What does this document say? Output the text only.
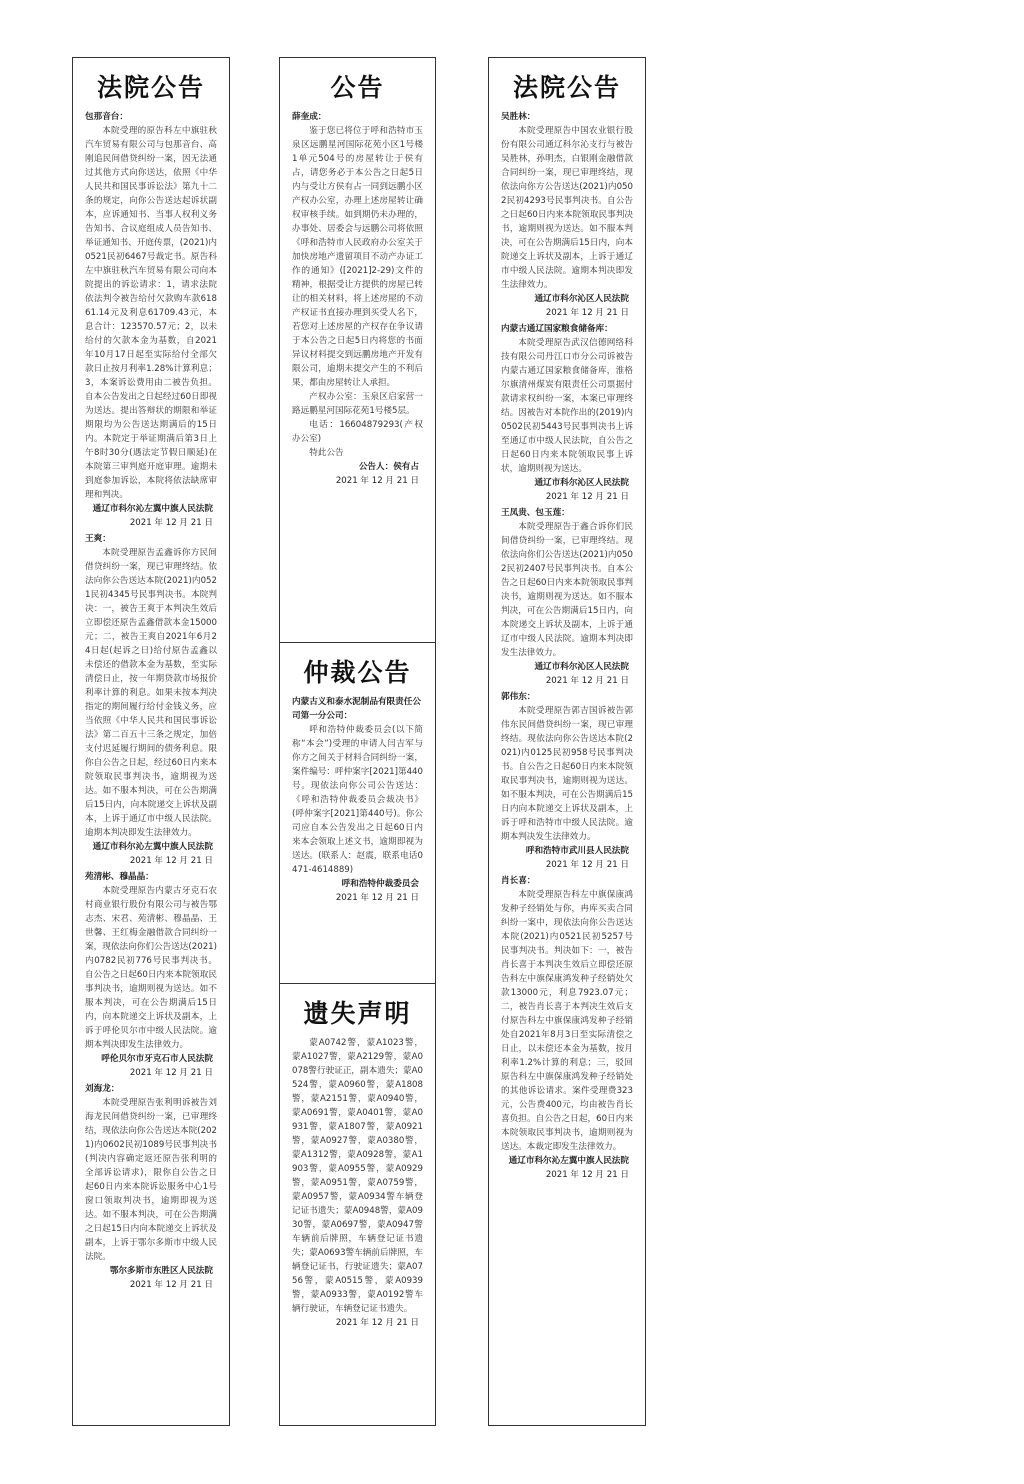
法院公告
包那音台：
本院受理的原告科左中旗驻秋汽车贸易有限公司与包那音台、高刚追民间借贷纠纷一案，因无法通过其他方式向你送达，依照《中华人民共和国民事诉讼法》第九十二条的规定，向你公告送达起诉状副本，应诉通知书、当事人权利义务告知书、合议庭组成人员告知书、举证通知书、开庭传票，(2021)内0521民初6467号裁定书。原告科左中旗驻秋汽车贸易有限公司向本院提出的诉讼请求：1，请求法院依法判令被告给付欠款购车款61861.14元及利息61709.43元，本息合计：123570.57元；2，以未给付的欠款本金为基数，自2021年10月17日起至实际给付全部欠款日止按月利率1.28%计算利息；3，本案诉讼费用由二被告负担。自本公告发出之日起经过60日即视为送达。提出答辩状的期限和举证期限均为公告送达期满后的15日内。本院定于举证期满后第3日上午8时30分(遇法定节假日顺延)在本院第三审判庭开庭审理。逾期未到庭参加诉讼，本院将依法缺席审理和判决。
通辽市科尔沁左翼中旗人民法院
2021 年 12 月 21 日
王爽：
本院受理原告孟鑫诉你方民间借贷纠纷一案，现已审理终结。依法向你公告送达本院(2021)内0521民初4345号民事判决书。本院判决：一，被告王爽于本判决生效后立即偿还原告孟鑫借款本金15000元；二，被告王爽自2021年6月24日起(起诉之日)给付原告孟鑫以未偿还的借款本金为基数，至实际清偿日止，按一年期贷款市场报价利率计算的利息。如果未按本判决指定的期间履行给付金钱义务，应当依照《中华人民共和国民事诉讼法》第二百五十三条之规定，加倍支付迟延履行期间的债务利息。限你自公告之日起，经过60日内来本院领取民事判决书，逾期视为送达。如不服本判决，可在公告期满后15日内，向本院递交上诉状及副本，上诉于通辽市中级人民法院。逾期本判决即发生法律效力。
通辽市科尔沁左翼中旗人民法院
2021 年 12 月 21 日
苑清彬、穆晶晶：
本院受理原告内蒙古牙克石农村商业银行股份有限公司与被告鄂志杰、宋君、苑清彬、穆晶晶、王世馨、王红梅金融借款合同纠纷一案，现依法向你们公告送达(2021)内0782民初776号民事判决书。自公告之日起60日内来本院领取民事判决书，逾期则视为送达。如不服本判决，可在公告期满后15日内，向本院递交上诉状及副本，上诉于呼伦贝尔市中级人民法院。逾期本判决即发生法律效力。
呼伦贝尔市牙克石市人民法院
2021 年 12 月 21 日
刘海龙：
本院受理原告张利明诉被告刘海龙民间借贷纠纷一案，已审理终结，现依法向你公告送达本院(2021)内0602民初1089号民事判决书(判决内容确定返还原告张利明的全部诉讼请求)，限你自公告之日起60日内来本院诉讼服务中心1号窗口领取判决书，逾期即视为送达。如不服本判决，可在公告期满之日起15日内向本院递交上诉状及副本，上诉于鄂尔多斯市中级人民法院。
鄂尔多斯市东胜区人民法院
2021 年 12 月 21 日
公告
薛奎成：
鉴于您已将位于呼和浩特市玉泉区远鹏星河国际花苑小区1号楼1单元504号的房屋转让于侯有占，请您务必于本公告之日起5日内与受让方侯有占一同到远鹏小区产权办公室，办理上述房屋转让确权审核手续。如到期仍未办理的，办事处、居委会与远鹏公司将依照《呼和浩特市人民政府办公室关于加快房地产遗留项目不动产办证工作的通知》([2021]2-29)文件的精神，根据受让方提供的房屋已转让的相关材料，将上述房屋的不动产权证书直接办理到买受人名下，若您对上述房屋的产权存在争议请于本公告之日起5日内将您的书面异议材料提交到远鹏房地产开发有限公司，逾期未提交产生的不利后果，都由房屋转让人承担。
产权办公室：玉泉区启家营一路远鹏星河国际花苑1号楼5层。
电话：16604879293(产权办公室)
特此公告
公告人：侯有占
2021 年 12 月 21 日
仲裁公告
内蒙古义和泰水泥制品有限责任公司第一分公司：
呼和浩特仲裁委员会(以下简称“本会”)受理的申请人闫吉军与你方之间关于材料合同纠纷一案，案件编号：呼仲案字[2021]第440号。现依法向你公司公告送达：《呼和浩特仲裁委员会裁决书》(呼仲案字[2021]第440号)。你公司应自本公告发出之日起60日内来本会领取上述文书，逾期即视为送达。(联系人：赵震，联系电话0471-4614889)
呼和浩特仲裁委员会
2021 年 12 月 21 日
遗失声明
蒙A0742警，蒙A1023警，蒙A1027警，蒙A2129警，蒙A0078警行驶证正，副本遗失；蒙A0524警，蒙A0960警，蒙A1808警，蒙A2151警，蒙A0940警，蒙A0691警，蒙A0401警，蒙A0931警，蒙A1807警，蒙A0921警，蒙A0927警，蒙A0380警，蒙A1312警，蒙A0928警，蒙A1903警，蒙A0955警，蒙A0929警，蒙A0951警，蒙A0759警，蒙A0957警，蒙A0934警车辆登记证书遗失；蒙A0948警，蒙A0930警，蒙A0697警，蒙A0947警车辆前后牌照，车辆登记证书遗失；蒙A0693警车辆前后牌照，车辆登记证书，行驶证遗失；蒙A0756警，蒙A0515警，蒙A0939警，蒙A0933警，蒙A0192警车辆行驶证，车辆登记证书遗失。
2021 年 12 月 21 日
法院公告
吴胜林：
本院受理原告中国农业银行股份有限公司通辽科尔沁支行与被告吴胜林，孙明杰，白银刚金融借款合同纠纷一案，现已审理终结，现依法向你方公告送达(2021)内0502民初4293号民事判决书。自公告之日起60日内来本院领取民事判决书，逾期则视为送达。如不服本判决，可在公告期满后15日内，向本院递交上诉状及副本，上诉于通辽市中级人民法院。逾期本判决即发生法律效力。
通辽市科尔沁区人民法院
2021 年 12 月 21 日
内蒙古通辽国家粮食储备库：
本院受理原告武汉信德网络科技有限公司丹江口市分公司诉被告内蒙古通辽国家粮食储备库，淮格尔旗清州煤炭有限责任公司票据付款请求权纠纷一案，本案已审理终结。因被告对本院作出的(2019)内0502民初5443号民事判决书上诉至通辽市中级人民法院，自公告之日起60日内来本院领取民事上诉状，逾期则视为送达。
通辽市科尔沁区人民法院
2021 年 12 月 21 日
王凤贵、包玉莲：
本院受理原告于鑫合诉你们民间借贷纠纷一案，已审理终结。现依法向你们公告送达(2021)内0502民初2407号民事判决书。自本公告之日起60日内来本院领取民事判决书，逾期则视为送达。如不服本判决，可在公告期满后15日内，向本院递交上诉状及副本，上诉于通辽市中级人民法院。逾期本判决即发生法律效力。
通辽市科尔沁区人民法院
2021 年 12 月 21 日
郭伟东：
本院受理原告郭吉国诉被告郭伟东民间借贷纠纷一案，现已审理终结。现依法向你公告送达本院(2021)内0125民初958号民事判决书。自公告之日起60日内来本院领取民事判决书，逾期则视为送达。如不服本判决，可在公告期满后15日内向本院递交上诉状及副本，上诉于呼和浩特市中级人民法院。逾期本判决发生法律效力。
呼和浩特市武川县人民法院
2021 年 12 月 21 日
肖长喜：
本院受理原告科左中旗保康鸿发种子经销处与你，冉库买卖合同纠纷一案中，现依法向你公告送达本院(2021)内0521民初5257号民事判决书。判决如下：一，被告肖长喜于本判决生效后立即偿还原告科左中旗保康鸿发种子经销处欠款13000元，利息7923.07元；二，被告肖长喜于本判决生效后支付原告科左中旗保康鸿发种子经销处自2021年8月3日至实际清偿之日止，以未偿还本金为基数，按月利率1.2%计算的利息；三，驳回原告科左中旗保康鸿发种子经销处的其他诉讼请求。案件受理费323元，公告费400元，均由被告肖长喜负担。自公告之日起，60日内来本院领取民事判决书，逾期则视为送达。本裁定即发生法律效力。
通辽市科尔沁左翼中旗人民法院
2021 年 12 月 21 日
